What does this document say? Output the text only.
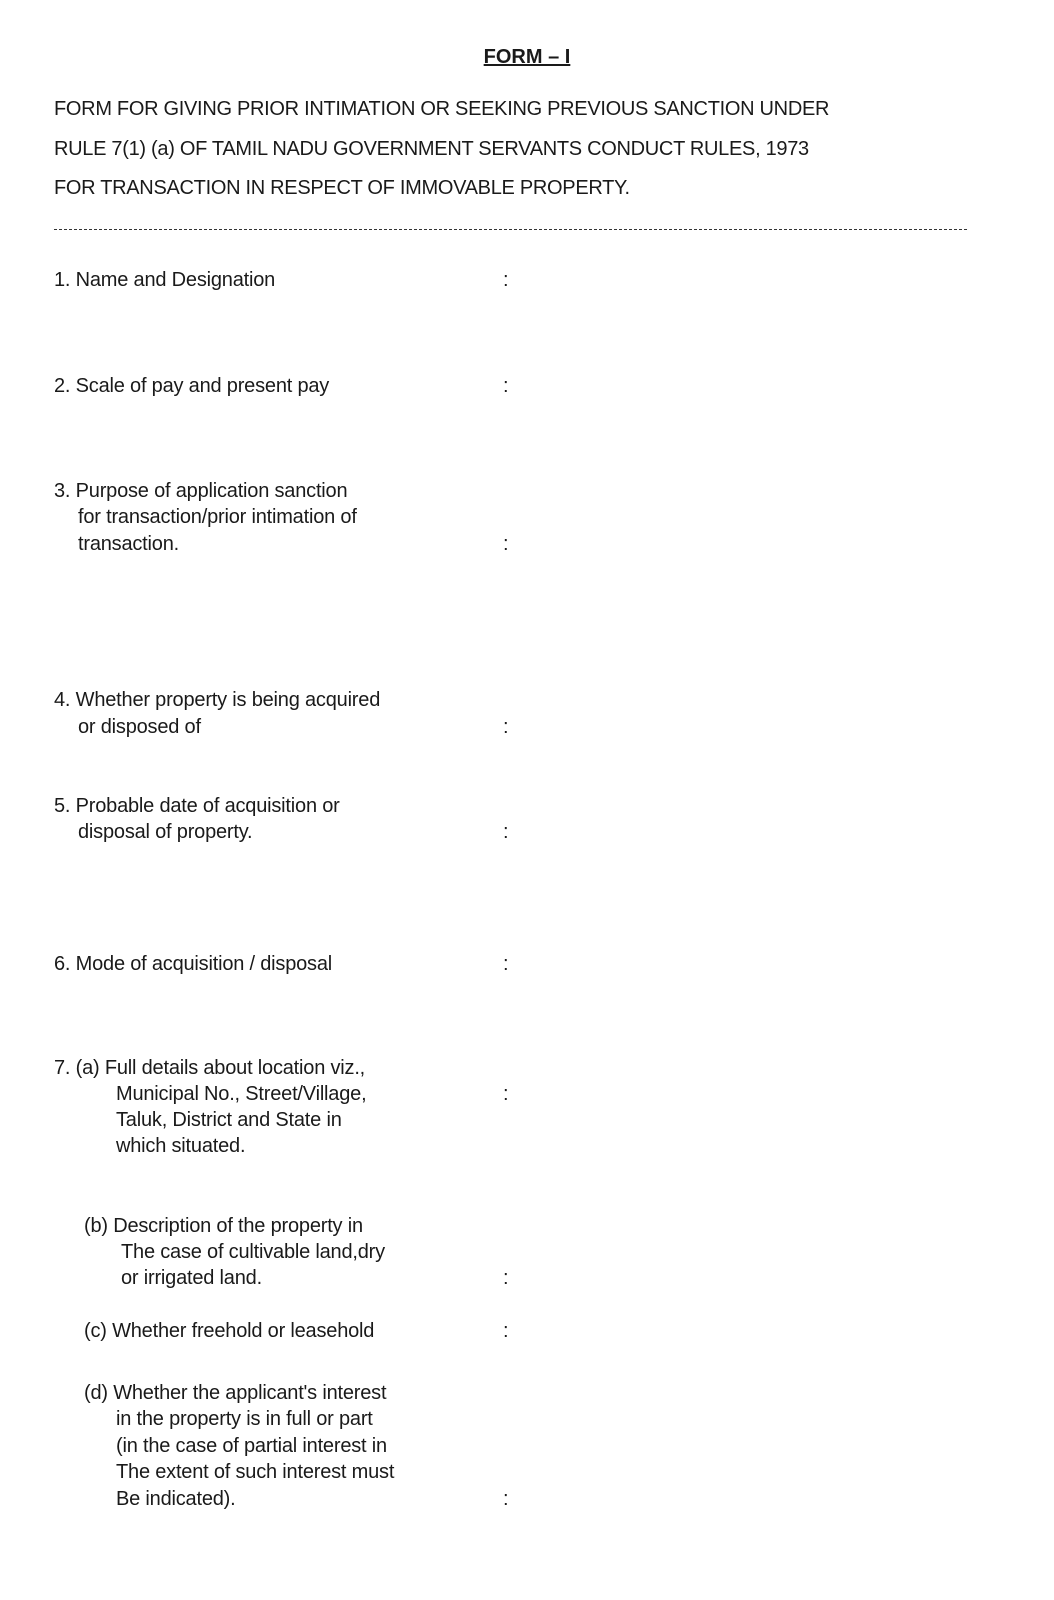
FORM – I
FORM FOR GIVING PRIOR INTIMATION OR SEEKING PREVIOUS SANCTION UNDER
RULE 7(1) (a) OF TAMIL NADU GOVERNMENT SERVANTS CONDUCT RULES, 1973
FOR TRANSACTION IN RESPECT OF IMMOVABLE PROPERTY.
1. Name and Designation	:
2. Scale of pay and present pay	:
3. Purpose of application sanction
for transaction/prior intimation of
transaction.	:
4. Whether property is being acquired
or disposed of	:
5. Probable date of acquisition or
disposal of property.	:
6. Mode of acquisition / disposal	:
7. (a) Full details about location viz.,
Municipal No., Street/Village,
Taluk, District and State in
which situated.
:
(b) Description of the property in
The case of cultivable land,dry
or irrigated land.	:
(c) Whether freehold or leasehold	:
(d) Whether the applicant's interest
in the property is in full or part
(in the case of partial interest in
The extent of such interest must
Be indicated).	:
